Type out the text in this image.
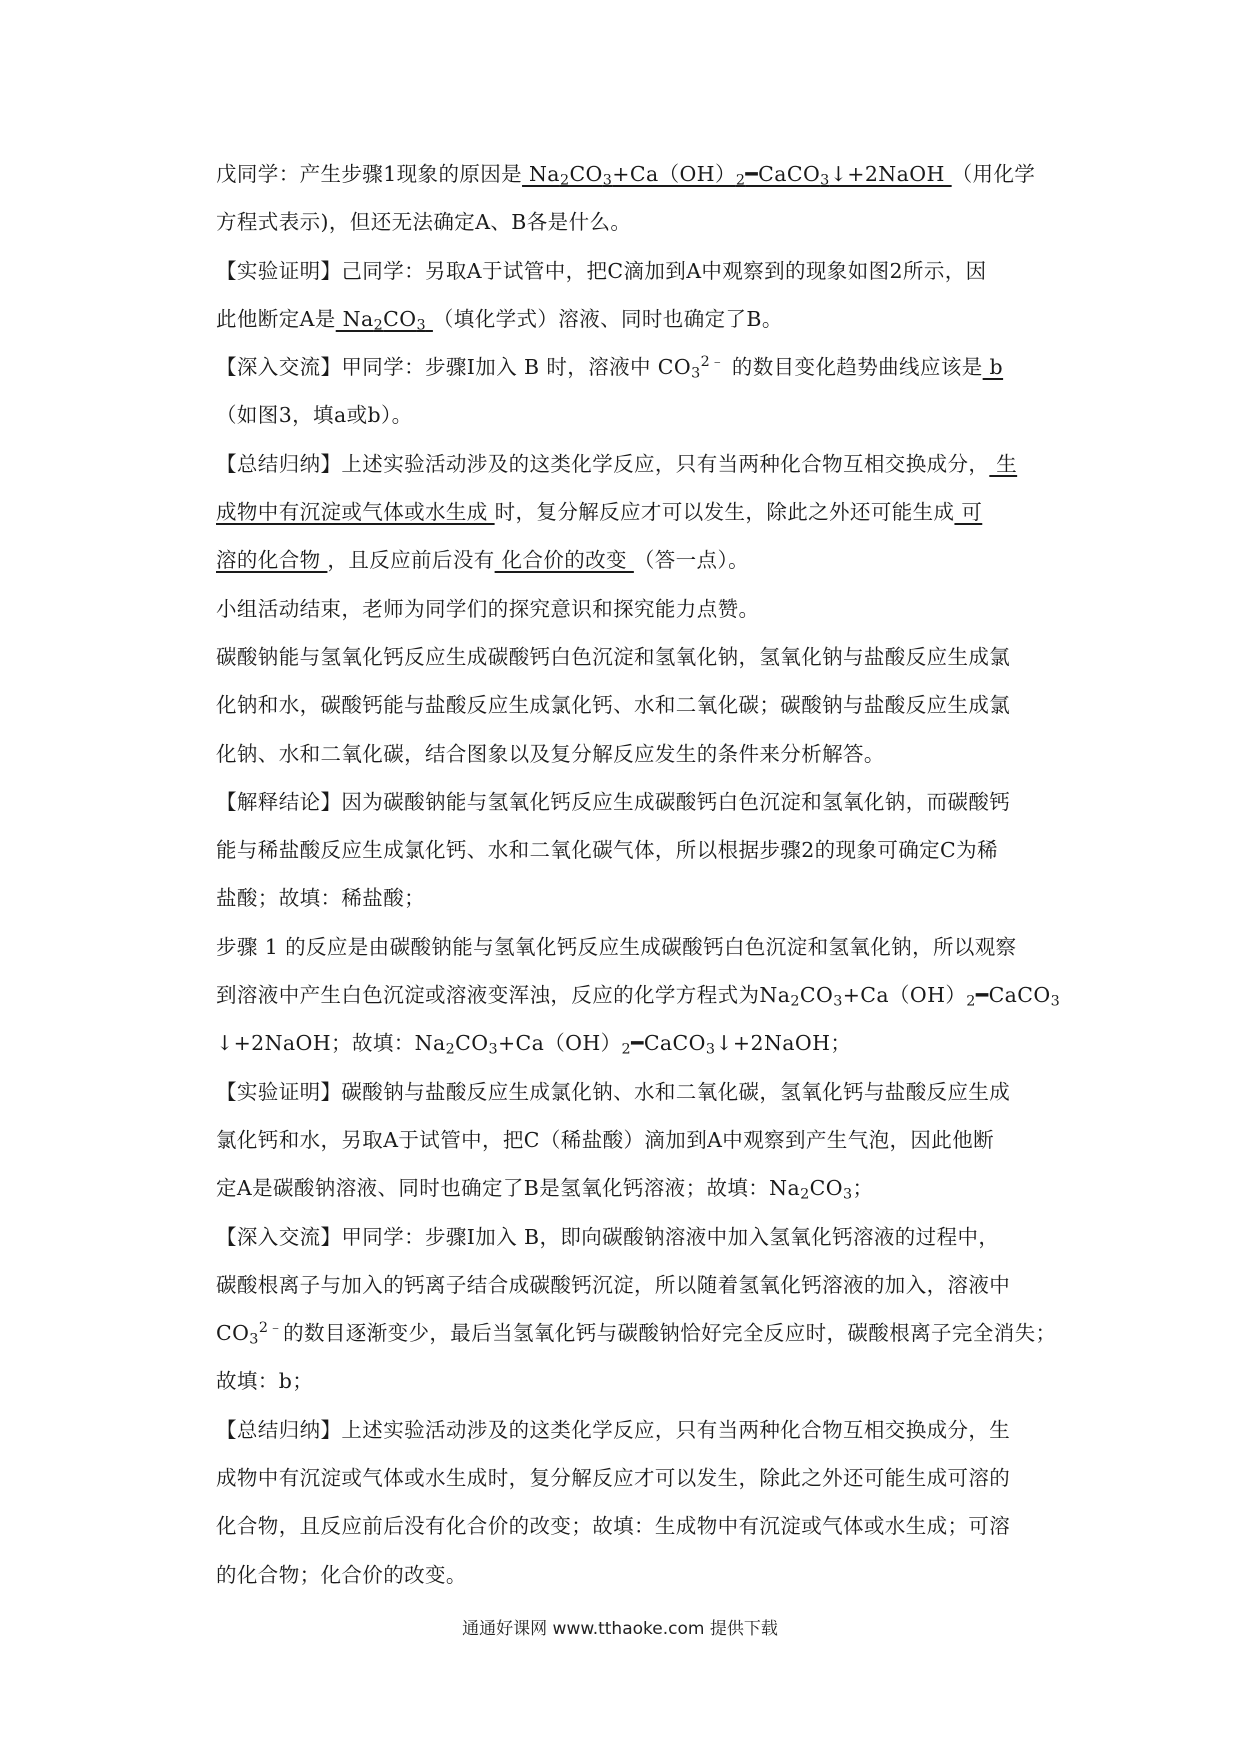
戊同学：产生步骤1现象的原因是 $Na_2CO_3+Ca(OH)_2━CaCO_3↓+2NaOH$ （用化学
方程式表示)，但还无法确定A、B各是什么。
【实验证明】己同学：另取A于试管中，把C滴加到A中观察到的现象如图2所示，因
此他断定A是 $Na_2CO_3$ （填化学式）溶液、同时也确定了B。
【深入交流】甲同学：步骤Ⅰ加入 B 时，溶液中 $CO_3^{2﹣}$ 的数目变化趋势曲线应该是 b
（如图3，填a或b）。
【总结归纳】上述实验活动涉及的这类化学反应，只有当两种化合物互相交换成分， 生
成物中有沉淀或气体或水生成 时，复分解反应才可以发生，除此之外还可能生成 可
溶的化合物 ，且反应前后没有 化合价的改变 （答一点）。
小组活动结束，老师为同学们的探究意识和探究能力点赞。
碳酸钠能与氢氧化钙反应生成碳酸钙白色沉淀和氢氧化钠，氢氧化钠与盐酸反应生成氯
化钠和水，碳酸钙能与盐酸反应生成氯化钙、水和二氧化碳；碳酸钠与盐酸反应生成氯
化钠、水和二氧化碳，结合图象以及复分解反应发生的条件来分析解答。
【解释结论】因为碳酸钠能与氢氧化钙反应生成碳酸钙白色沉淀和氢氧化钠，而碳酸钙
能与稀盐酸反应生成氯化钙、水和二氧化碳气体，所以根据步骤2的现象可确定C为稀
盐酸；故填：稀盐酸；
步骤 1 的反应是由碳酸钠能与氢氧化钙反应生成碳酸钙白色沉淀和氢氧化钠，所以观察
到溶液中产生白色沉淀或溶液变浑浊，反应的化学方程式为$Na_2CO_3+Ca(OH)_2━CaCO_3$
↓+2NaOH；故填：$Na_2CO_3+Ca(OH)_2━CaCO_3↓+2NaOH$；
【实验证明】碳酸钠与盐酸反应生成氯化钠、水和二氧化碳，氢氧化钙与盐酸反应生成
氯化钙和水，另取A于试管中，把C（稀盐酸）滴加到A中观察到产生气泡，因此他断
定A是碳酸钠溶液、同时也确定了B是氢氧化钙溶液；故填：$Na_2CO_3$；
【深入交流】甲同学：步骤Ⅰ加入 B，即向碳酸钠溶液中加入氢氧化钙溶液的过程中，
碳酸根离子与加入的钙离子结合成碳酸钙沉淀，所以随着氢氧化钙溶液的加入，溶液中
$CO_3^{2﹣}$的数目逐渐变少，最后当氢氧化钙与碳酸钠恰好完全反应时，碳酸根离子完全消失；
故填：b；
【总结归纳】上述实验活动涉及的这类化学反应，只有当两种化合物互相交换成分，生
成物中有沉淀或气体或水生成时，复分解反应才可以发生，除此之外还可能生成可溶的
化合物，且反应前后没有化合价的改变；故填：生成物中有沉淀或气体或水生成；可溶
的化合物；化合价的改变。
通通好课网 www.tthaoke.com 提供下载
